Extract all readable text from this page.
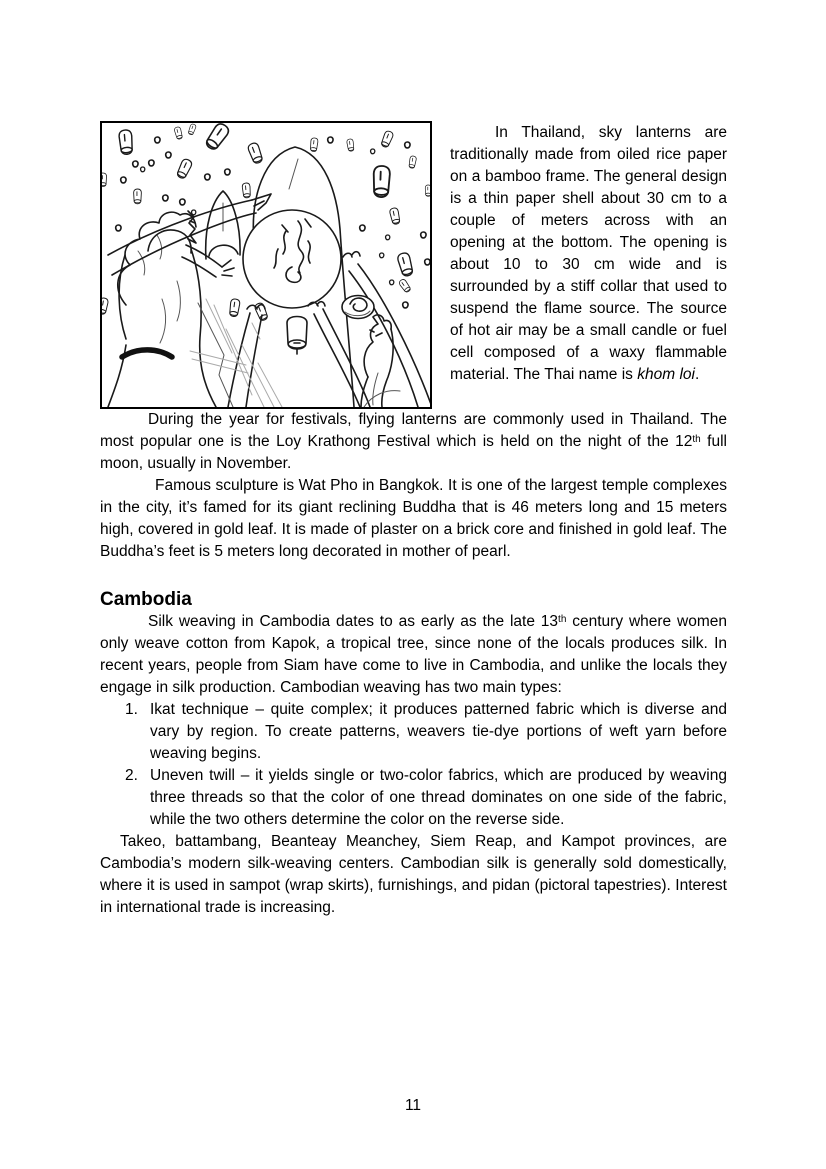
In Thailand, sky lanterns are traditionally made from oiled rice paper on a bamboo frame. The general design is a thin paper shell about 30 cm to a couple of meters across with an opening at the bottom. The opening is about 10 to 30 cm wide and is surrounded by a stiff collar that used to suspend the flame source. The source of hot air may be a small candle or fuel cell composed of a waxy flammable material. The Thai name is khom loi.

During the year for festivals, flying lanterns are commonly used in Thailand. The most popular one is the Loy Krathong Festival which is held on the night of the 12th full moon, usually in November.

Famous sculpture is Wat Pho in Bangkok. It is one of the largest temple complexes in the city, it’s famed for its giant reclining Buddha that is 46 meters long and 15 meters high, covered in gold leaf. It is made of plaster on a brick core and finished in gold leaf. The Buddha’s feet is 5 meters long decorated in mother of pearl.

Cambodia

Silk weaving in Cambodia dates to as early as the late 13th century where women only weave cotton from Kapok, a tropical tree, since none of the locals produces silk. In recent years, people from Siam have come to live in Cambodia, and unlike the locals they engage in silk production. Cambodian weaving has two main types:

1. Ikat technique – quite complex; it produces patterned fabric which is diverse and vary by region. To create patterns, weavers tie-dye portions of weft yarn before weaving begins.
2. Uneven twill – it yields single or two-color fabrics, which are produced by weaving three threads so that the color of one thread dominates on one side of the fabric, while the two others determine the color on the reverse side.

Takeo, battambang, Beanteay Meanchey, Siem Reap, and Kampot provinces, are Cambodia’s modern silk-weaving centers. Cambodian silk is generally sold domestically, where it is used in sampot (wrap skirts), furnishings, and pidan (pictoral tapestries). Interest in international trade is increasing.

11
